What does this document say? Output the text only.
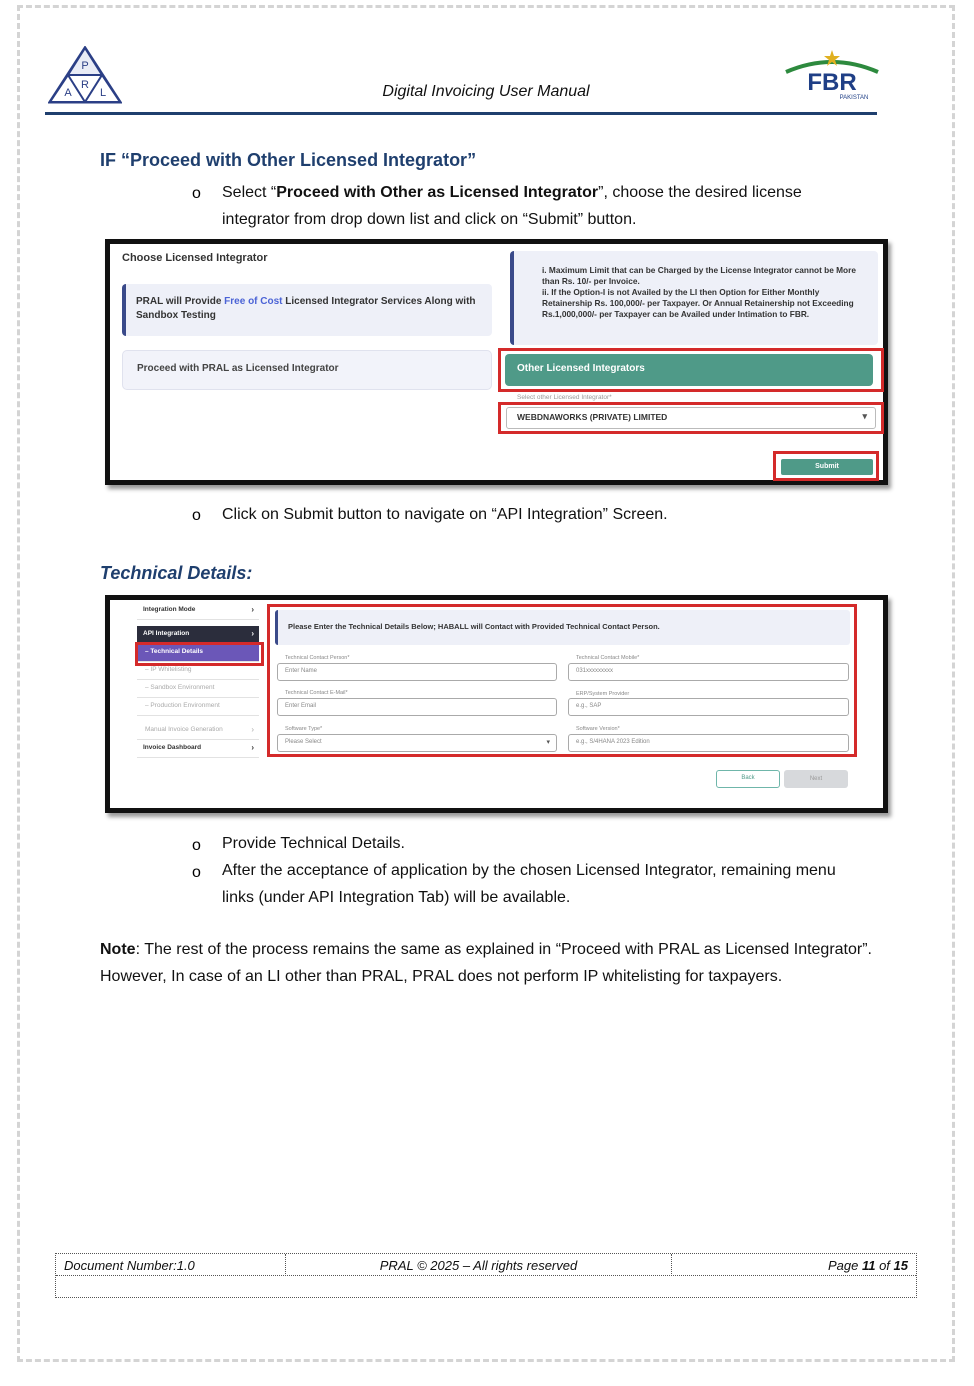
P
A
R
L	Digital Invoicing User Manual	FBR
PAKISTAN
IF “Proceed with Other Licensed Integrator”
o Select “Proceed with Other as Licensed Integrator”, choose the desired license integrator from drop down list and click on “Submit” button.
Choose Licensed Integrator
PRAL will Provide Free of Cost Licensed Integrator Services Along with Sandbox Testing
Proceed with PRAL as Licensed Integrator

i. Maximum Limit that can be Charged by the License Integrator cannot be More than Rs. 10/- per Invoice.

ii. If the Option-I is not Availed by the LI then Option for Either Monthly Retainership Rs. 100,000/- per Taxpayer. Or Annual Retainership not Exceeding Rs.1,000,000/- per Taxpayer can be Availed under Intimation to FBR.

Other Licensed Integrators
Select other Licensed Integrator*
WEBDNAWORKS (PRIVATE) LIMITED	▾
Submit
o Click on Submit button to navigate on “API Integration” Screen.
Technical Details:
Integration Mode	›
API Integration	›
– Technical Details
– IP Whitelisting
– Sandbox Environment
– Production Environment
Manual Invoice Generation	›
Invoice Dashboard	›
Please Enter the Technical Details Below; HABALL will Contact with Provided Technical Contact Person.
Technical Contact Person*
Enter Name
Technical Contact Mobile*
031xxxxxxxxx
Technical Contact E-Mail*
Enter Email
ERP/System Provider
e.g., SAP
Software Type*
Please Select	▾
Software Version*
e.g., S/4HANA 2023 Edition
Back	Next
o Provide Technical Details.
o After the acceptance of application by the chosen Licensed Integrator, remaining menu links (under API Integration Tab) will be available.
Note: The rest of the process remains the same as explained in “Proceed with PRAL as Licensed Integrator”. However, In case of an LI other than PRAL, PRAL does not perform IP whitelisting for taxpayers.
Document Number:1.0	PRAL © 2025 – All rights reserved	Page 11 of 15
